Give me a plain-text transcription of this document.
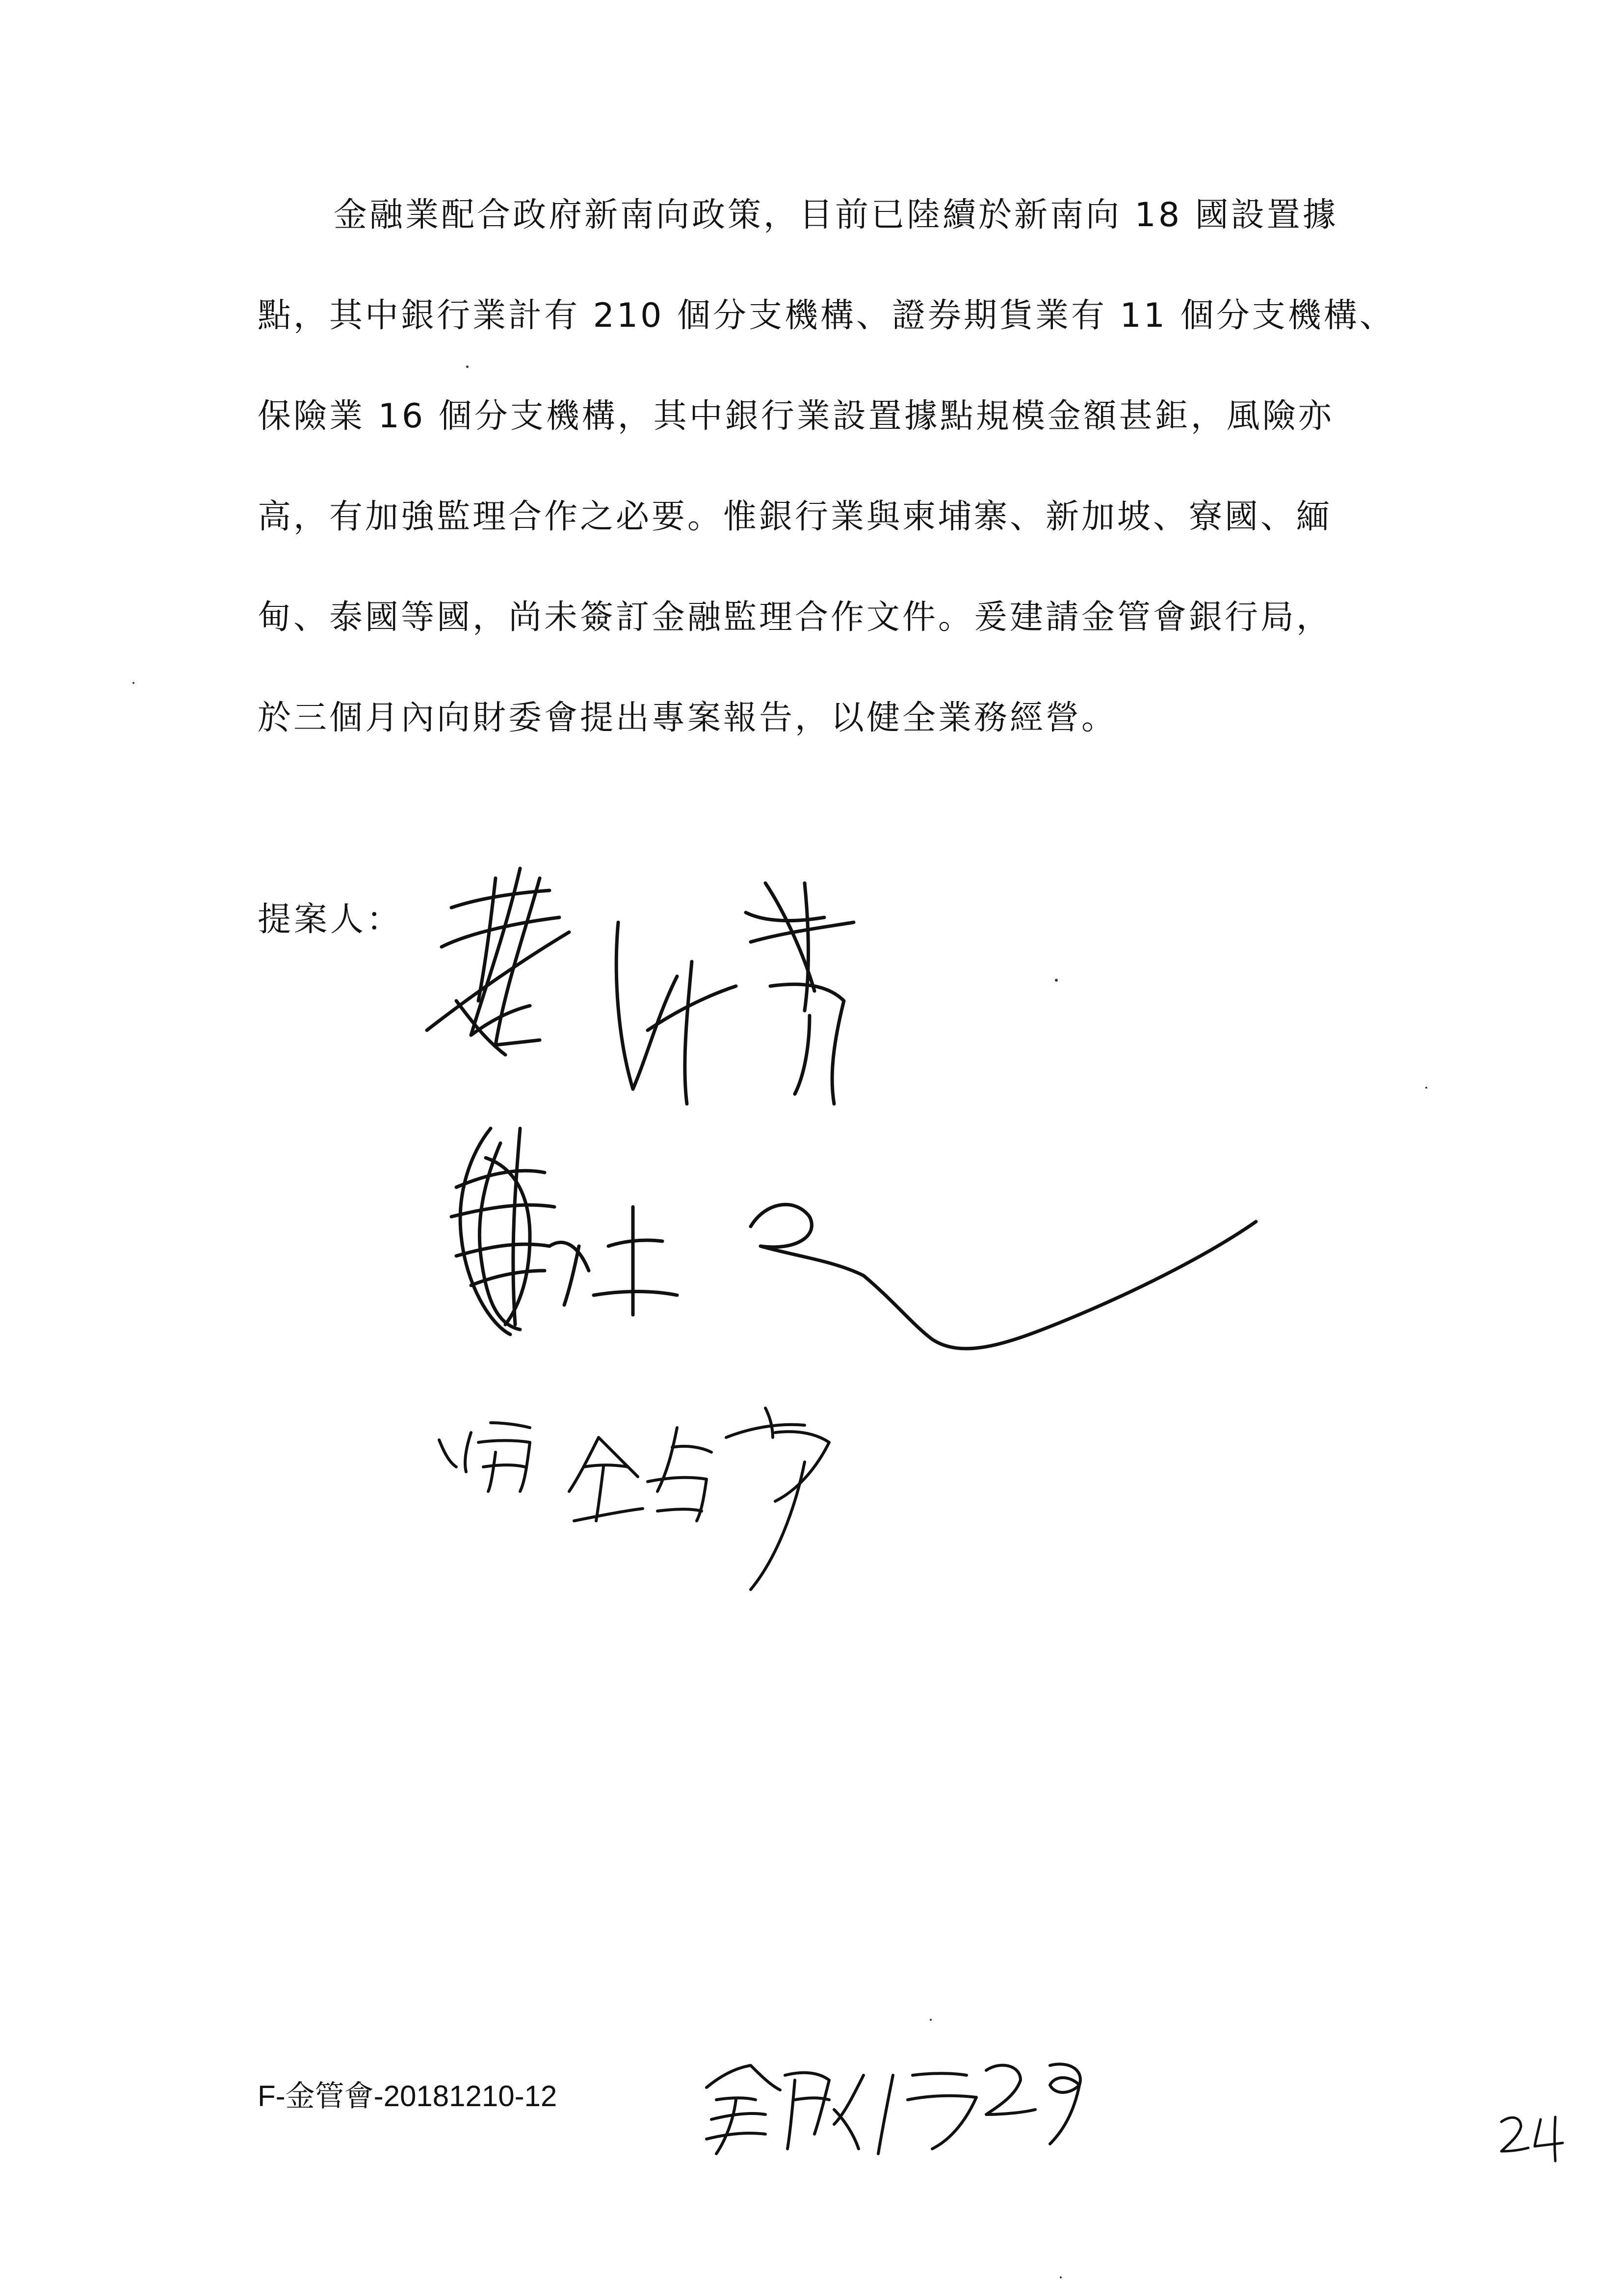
金融業配合政府新南向政策，目前已陸續於新南向 18 國設置據
點，其中銀行業計有 210 個分支機構、證券期貨業有 11 個分支機構、
保險業 16 個分支機構，其中銀行業設置據點規模金額甚鉅，風險亦
高，有加強監理合作之必要。惟銀行業與柬埔寨、新加坡、寮國、緬
甸、泰國等國，尚未簽訂金融監理合作文件。爰建請金管會銀行局，
於三個月內向財委會提出專案報告，以健全業務經營。
提案人：
F-金管會-20181210-12
